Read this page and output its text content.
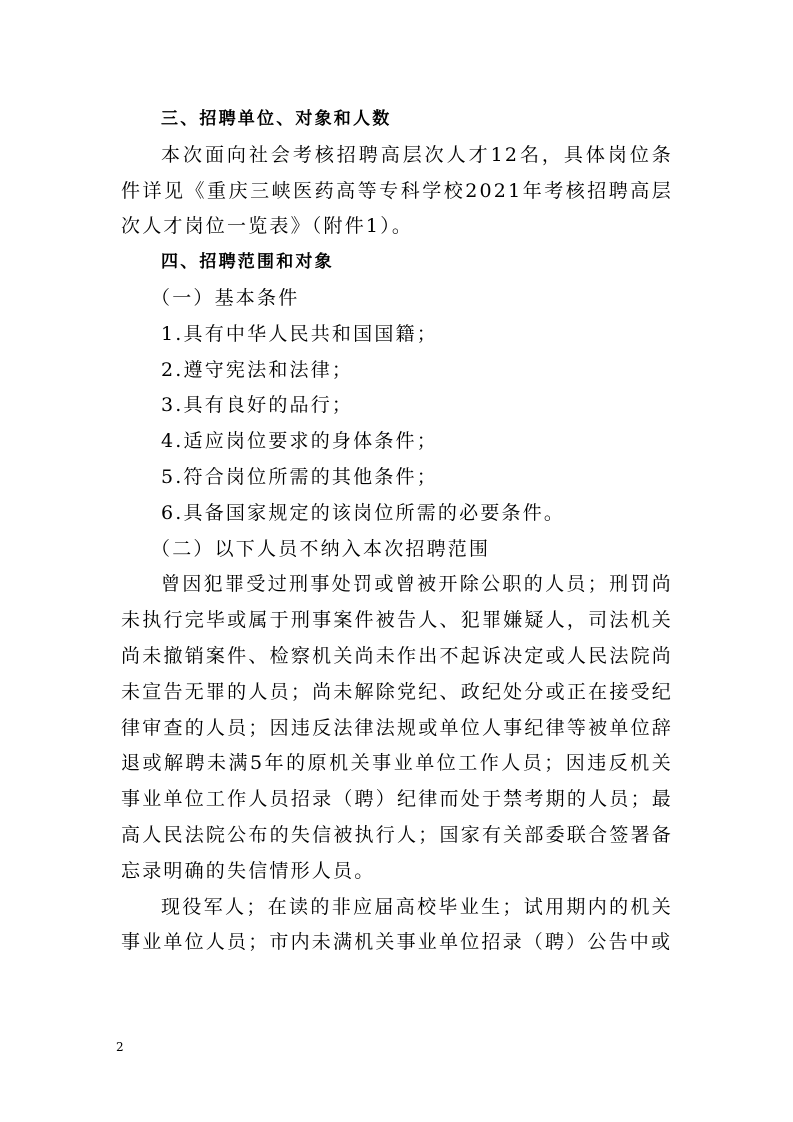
三、招聘单位、对象和人数

本次面向社会考核招聘高层次人才12名，具体岗位条件详见《重庆三峡医药高等专科学校2021年考核招聘高层次人才岗位一览表》（附件1）。

四、招聘范围和对象

（一）基本条件

1.具有中华人民共和国国籍；

2.遵守宪法和法律；

3.具有良好的品行；

4.适应岗位要求的身体条件；

5.符合岗位所需的其他条件；

6.具备国家规定的该岗位所需的必要条件。

（二）以下人员不纳入本次招聘范围

曾因犯罪受过刑事处罚或曾被开除公职的人员；刑罚尚未执行完毕或属于刑事案件被告人、犯罪嫌疑人，司法机关尚未撤销案件、检察机关尚未作出不起诉决定或人民法院尚未宣告无罪的人员；尚未解除党纪、政纪处分或正在接受纪律审查的人员；因违反法律法规或单位人事纪律等被单位辞退或解聘未满5年的原机关事业单位工作人员；因违反机关事业单位工作人员招录（聘）纪律而处于禁考期的人员；最高人民法院公布的失信被执行人；国家有关部委联合签署备忘录明确的失信情形人员。

现役军人；在读的非应届高校毕业生；试用期内的机关事业单位人员；市内未满机关事业单位招录（聘）公告中或

2
